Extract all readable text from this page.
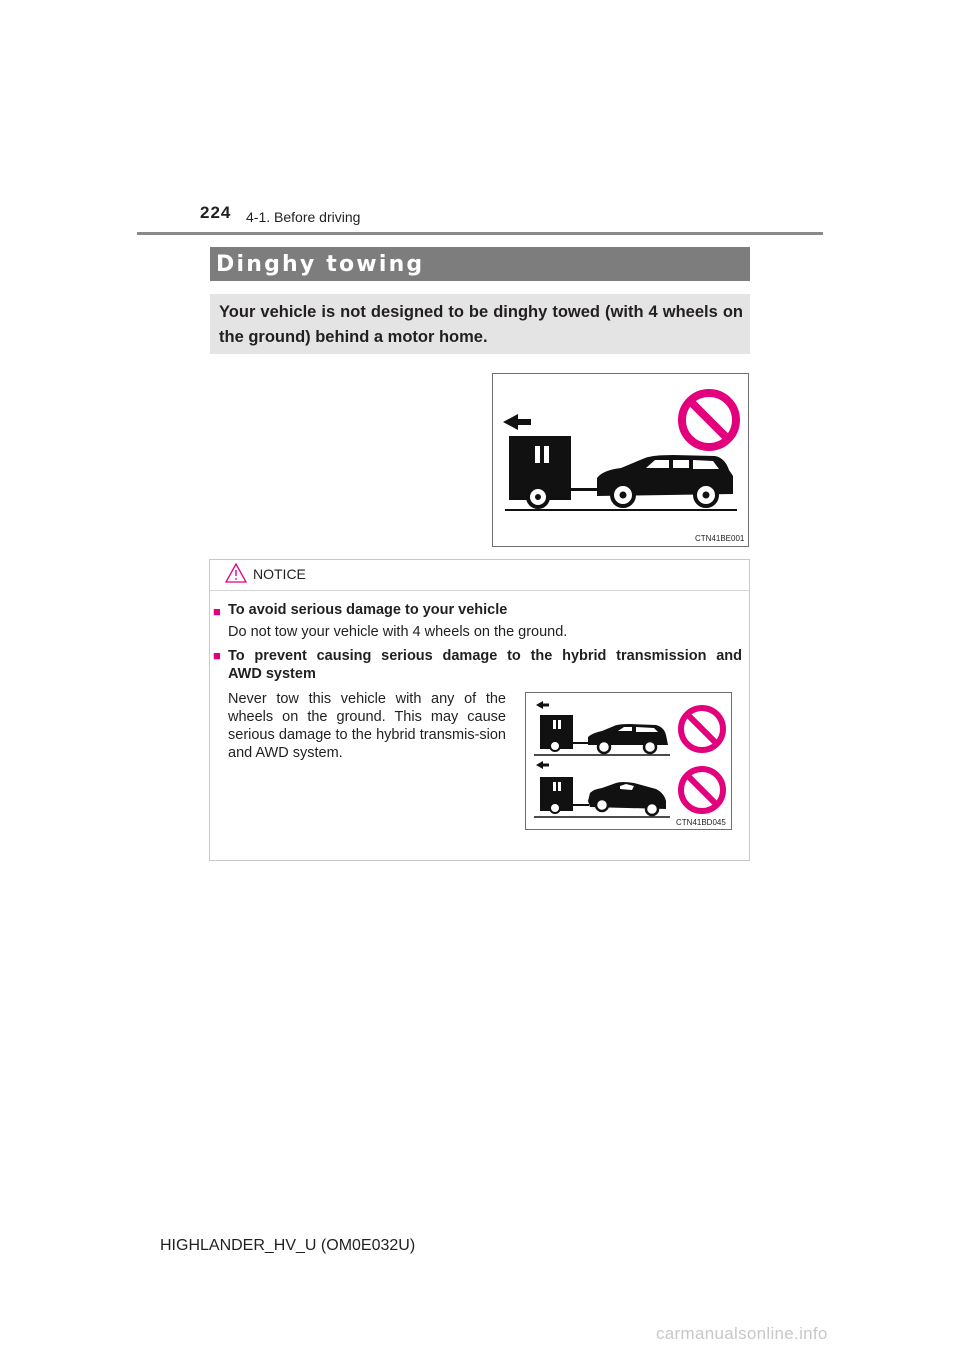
224 4-1. Before driving
Dinghy towing
Your vehicle is not designed to be dinghy towed (with 4 wheels on the ground) behind a motor home.
CTN41BE001
NOTICE
■ To avoid serious damage to your vehicle
Do not tow your vehicle with 4 wheels on the ground.
■ To prevent causing serious damage to the hybrid transmission and
AWD system
Never tow this vehicle with any of the wheels on the ground. This may cause serious damage to the hybrid transmis-sion and AWD system.
CTN41BD045
HIGHLANDER_HV_U (OM0E032U)
carmanualsonline.info
